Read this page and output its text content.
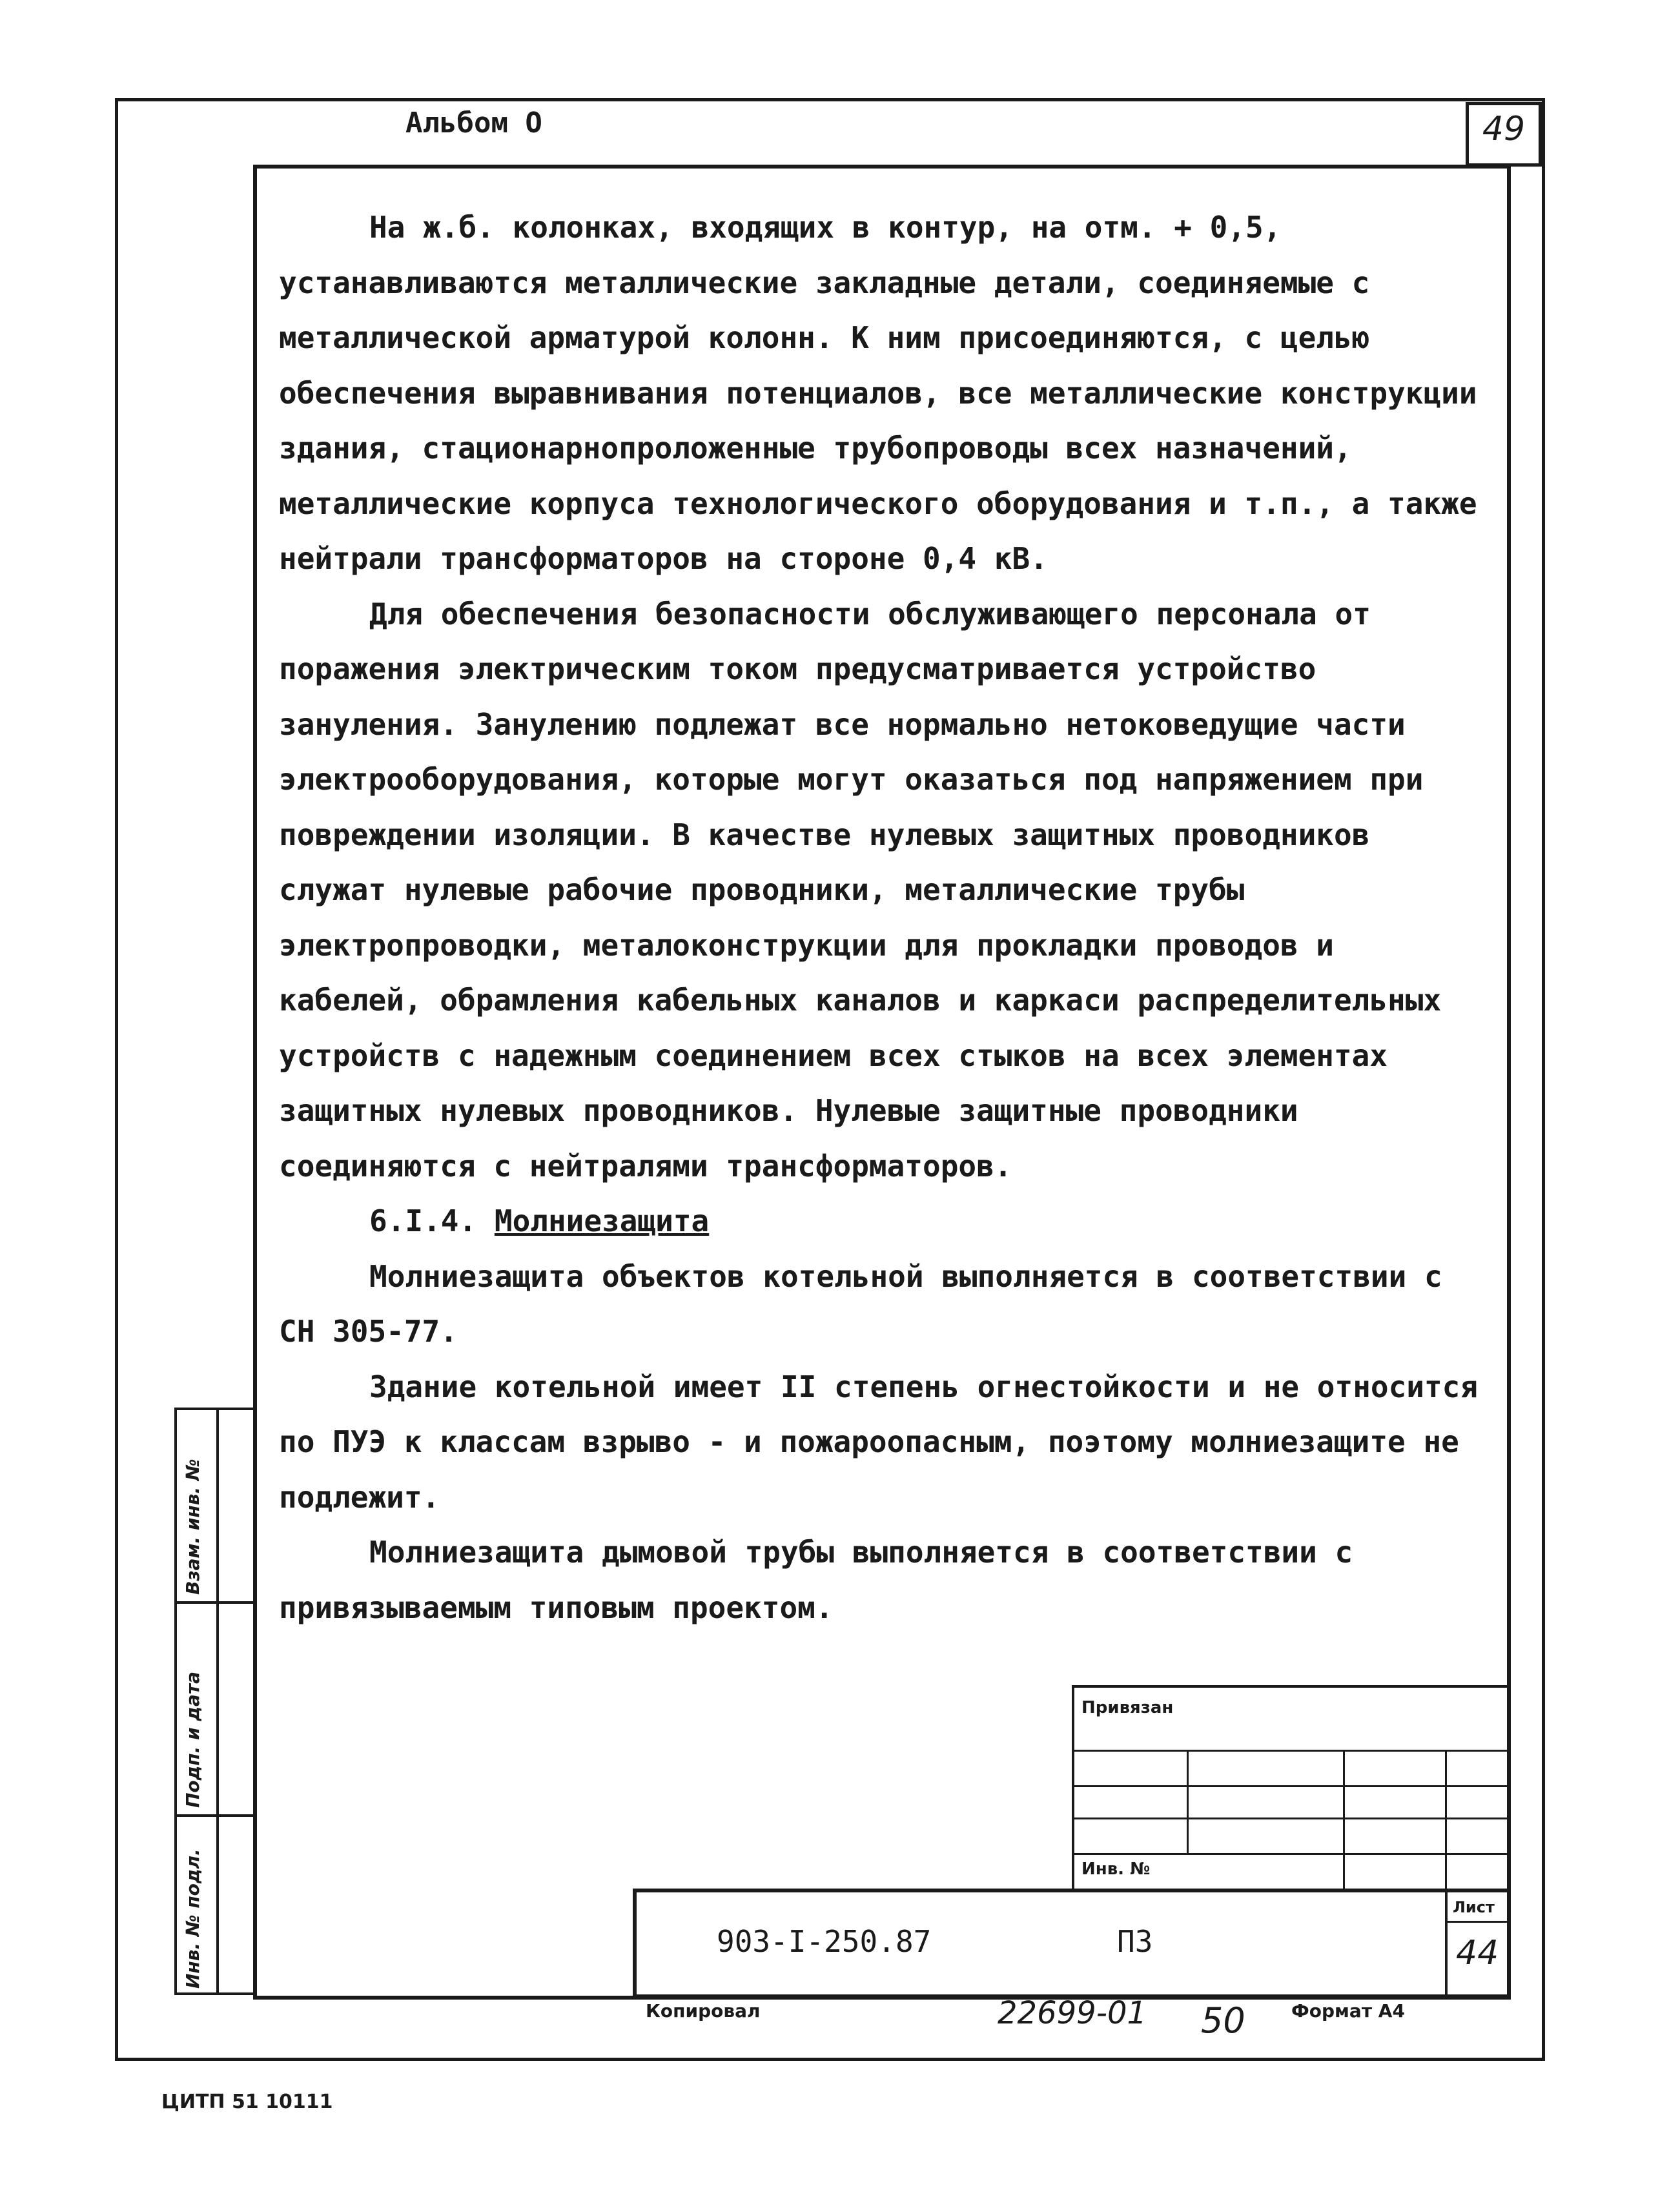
Альбом О	49

На ж.б. колонках, входящих в контур, на отм. + 0,5, устанавливаются металлические закладные детали, соединяемые с металлической арматурой колонн. К ним присоединяются, с целью обеспечения выравнивания потенциалов, все металлические конструкции здания, стационарнопроложенные трубопроводы всех назначений, металлические корпуса технологического оборудования и т.п., а также нейтрали трансформаторов на стороне 0,4 кВ.

Для обеспечения безопасности обслуживающего персонала от поражения электрическим током предусматривается устройство зануления. Занулению подлежат все нормально нетоковедущие части электрооборудования, которые могут оказаться под напряжением при повреждении изоляции. В качестве нулевых защитных проводников служат нулевые рабочие проводники, металлические трубы электропроводки, металоконструкции для прокладки проводов и кабелей, обрамления кабельных каналов и каркаси распределительных устройств с надежным соединением всех стыков на всех элементах защитных нулевых проводников. Нулевые защитные проводники соединяются с нейтралями трансформаторов.

6.I.4. Молниезащита

Молниезащита объектов котельной выполняется в соответствии с СН 305-77.

Здание котельной имеет II степень огнестойкости и не относится по ПУЭ к классам взрыво - и пожароопасным, поэтому молниезащите не подлежит.

Молниезащита дымовой трубы выполняется в соответствии с привязываемым типовым проектом.

Взам. инв. №
Подп. и дата
Инв. № подл.
Привязан
Инв. №
903-I-250.87	ПЗ
Лист
44
Копировал	22699-01 50	Формат А4
ЦИТП 51 10111
